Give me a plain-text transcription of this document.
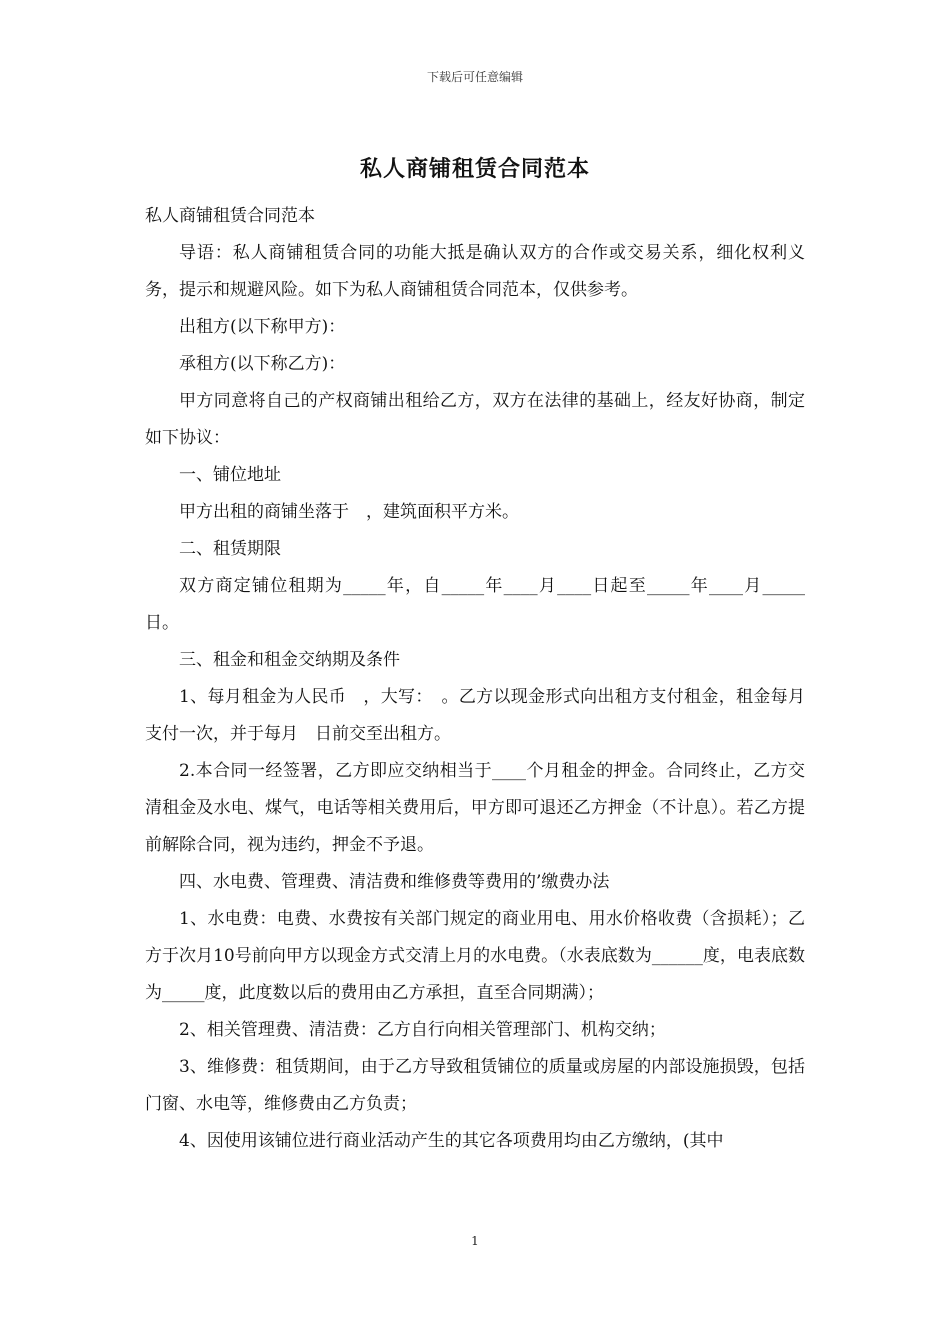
下载后可任意编辑
私人商铺租赁合同范本

私人商铺租赁合同范本

导语：私人商铺租赁合同的功能大抵是确认双方的合作或交易关系，细化权利义务，提示和规避风险。如下为私人商铺租赁合同范本，仅供参考。

出租方(以下称甲方)：

承租方(以下称乙方)：

甲方同意将自己的产权商铺出租给乙方，双方在法律的基础上，经友好协商，制定如下协议：

一、铺位地址

甲方出租的商铺坐落于　，建筑面积平方米。

二、租赁期限

双方商定铺位租期为_____年，自_____年____月____日起至_____年____月_____日。

三、租金和租金交纳期及条件

1、每月租金为人民币　，大写：　。乙方以现金形式向出租方支付租金，租金每月支付一次，并于每月　日前交至出租方。

2.本合同一经签署，乙方即应交纳相当于____个月租金的押金。合同终止，乙方交清租金及水电、煤气，电话等相关费用后，甲方即可退还乙方押金（不计息）。若乙方提前解除合同，视为违约，押金不予退。

四、水电费、管理费、清洁费和维修费等费用的’缴费办法

1、水电费：电费、水费按有关部门规定的商业用电、用水价格收费（含损耗）；乙方于次月10号前向甲方以现金方式交清上月的水电费。（水表底数为______度，电表底数为_____度，此度数以后的费用由乙方承担，直至合同期满）；

2、相关管理费、清洁费：乙方自行向相关管理部门、机构交纳；

3、维修费：租赁期间，由于乙方导致租赁铺位的质量或房屋的内部设施损毁，包括门窗、水电等，维修费由乙方负责；

4、因使用该铺位进行商业活动产生的其它各项费用均由乙方缴纳，(其中

1
